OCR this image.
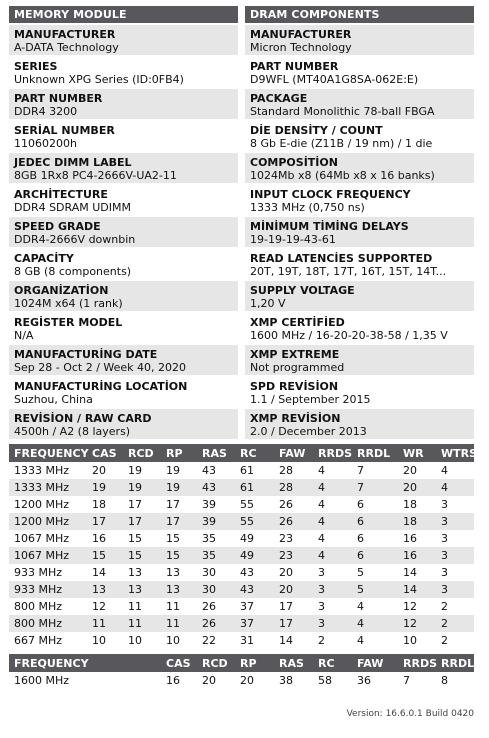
MEMORY MODULE
MANUFACTURER
A-DATA Technology
SERIES
Unknown XPG Series (ID:0FB4)
PART NUMBER
DDR4 3200
SERİAL NUMBER
11060200h
JEDEC DIMM LABEL
8GB 1Rx8 PC4-2666V-UA2-11
ARCHİTECTURE
DDR4 SDRAM UDIMM
SPEED GRADE
DDR4-2666V downbin
CAPACİTY
8 GB (8 components)
ORGANİZATİON
1024M x64 (1 rank)
REGİSTER MODEL
N/A
MANUFACTURİNG DATE
Sep 28 - Oct 2 / Week 40, 2020
MANUFACTURİNG LOCATİON
Suzhou, China
REVİSİON / RAW CARD
4500h / A2 (8 layers)
DRAM COMPONENTS
MANUFACTURER
Micron Technology
PART NUMBER
D9WFL (MT40A1G8SA-062E:E)
PACKAGE
Standard Monolithic 78-ball FBGA
DİE DENSİTY / COUNT
8 Gb E-die (Z11B / 19 nm) / 1 die
COMPOSİTİON
1024Mb x8 (64Mb x8 x 16 banks)
INPUT CLOCK FREQUENCY
1333 MHz (0,750 ns)
MİNİMUM TİMİNG DELAYS
19-19-19-43-61
READ LATENCİES SUPPORTED
20T, 19T, 18T, 17T, 16T, 15T, 14T...
SUPPLY VOLTAGE
1,20 V
XMP CERTİFİED
1600 MHz / 16-20-20-38-58 / 1,35 V
XMP EXTREME
Not programmed
SPD REVİSİON
1.1 / September 2015
XMP REVİSİON
2.0 / December 2013
FREQUENCY	CAS	RCD	RP	RAS	RC	FAW	RRDS	RRDL	WR	WTRS
1333 MHz	20	19	19	43	61	28	4	7	20	4
1333 MHz	19	19	19	43	61	28	4	7	20	4
1200 MHz	18	17	17	39	55	26	4	6	18	3
1200 MHz	17	17	17	39	55	26	4	6	18	3
1067 MHz	16	15	15	35	49	23	4	6	16	3
1067 MHz	15	15	15	35	49	23	4	6	16	3
933 MHz	14	13	13	30	43	20	3	5	14	3
933 MHz	13	13	13	30	43	20	3	5	14	3
800 MHz	12	11	11	26	37	17	3	4	12	2
800 MHz	11	11	11	26	37	17	3	4	12	2
667 MHz	10	10	10	22	31	14	2	4	10	2
FREQUENCY		CAS	RCD	RP	RAS	RC	FAW	RRDS	RRDL
1600 MHz		16	20	20	38	58	36	7	8
Version: 16.6.0.1 Build 0420
